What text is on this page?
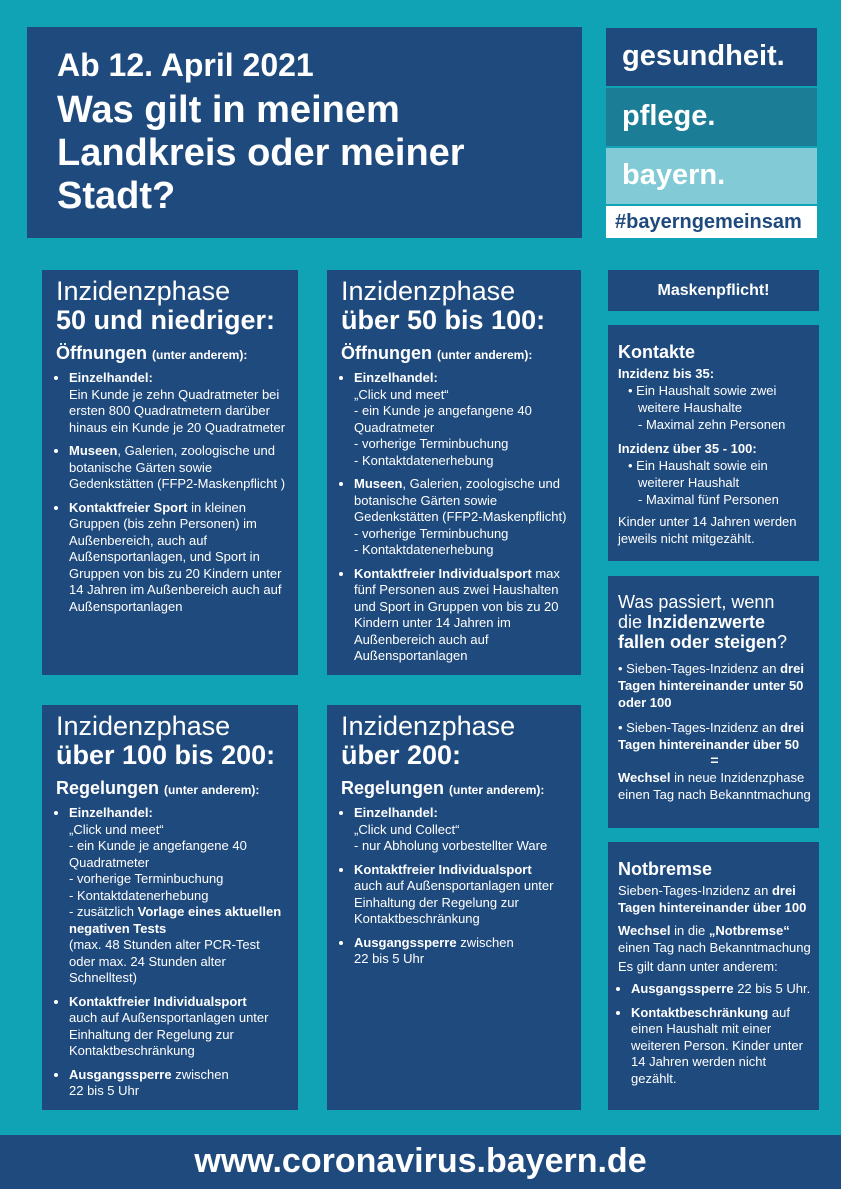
Ab 12. April 2021
Was gilt in meinem Landkreis oder meiner Stadt?
gesundheit.
pflege.
bayern.
#bayerngemeinsam
Inzidenzphase
50 und niedriger:
Öffnungen (unter anderem):
• Einzelhandel:
Ein Kunde je zehn Quadratmeter bei ersten 800 Quadratmetern darüber hinaus ein Kunde je 20 Quadratmeter
• Museen, Galerien, zoologische und botanische Gärten sowie Gedenkstätten (FFP2-Maskenpflicht )
• Kontaktfreier Sport in kleinen Gruppen (bis zehn Personen) im Außenbereich, auch auf Außensportanlagen, und Sport in Gruppen von bis zu 20 Kindern unter 14 Jahren im Außenbereich auch auf Außensportanlagen
Inzidenzphase
über 50 bis 100:
Öffnungen (unter anderem):
• Einzelhandel:
„Click und meet“
- ein Kunde je angefangene 40 Quadratmeter
- vorherige Terminbuchung
- Kontaktdatenerhebung
• Museen, Galerien, zoologische und botanische Gärten sowie Gedenkstätten (FFP2-Maskenpflicht)
- vorherige Terminbuchung
- Kontaktdatenerhebung
• Kontaktfreier Individualsport max fünf Personen aus zwei Haushalten und Sport in Gruppen von bis zu 20 Kindern unter 14 Jahren im Außenbereich auch auf Außensportanlagen
Inzidenzphase
über 100 bis 200:
Regelungen (unter anderem):
• Einzelhandel:
„Click und meet“
- ein Kunde je angefangene 40 Quadratmeter
- vorherige Terminbuchung
- Kontaktdatenerhebung
- zusätzlich Vorlage eines aktuellen negativen Tests
(max. 48 Stunden alter PCR-Test oder max. 24 Stunden alter Schnelltest)
• Kontaktfreier Individualsport
auch auf Außensportanlagen unter Einhaltung der Regelung zur Kontaktbeschränkung
• Ausgangssperre zwischen
22 bis 5 Uhr
Inzidenzphase
über 200:
Regelungen (unter anderem):
• Einzelhandel:
„Click und Collect“
- nur Abholung vorbestellter Ware
• Kontaktfreier Individualsport
auch auf Außensportanlagen unter Einhaltung der Regelung zur Kontaktbeschränkung
• Ausgangssperre zwischen
22 bis 5 Uhr
Maskenpflicht!
Kontakte
Inzidenz bis 35:
• Ein Haushalt sowie zwei weitere Haushalte
- Maximal zehn Personen
Inzidenz über 35 - 100:
• Ein Haushalt sowie ein weiterer Haushalt
- Maximal fünf Personen
Kinder unter 14 Jahren werden jeweils nicht mitgezählt.
Was passiert, wenn
die Inzidenzwerte
fallen oder steigen?
• Sieben-Tages-Inzidenz an drei Tagen hintereinander unter 50 oder 100
• Sieben-Tages-Inzidenz an drei Tagen hintereinander über 50
=
Wechsel in neue Inzidenzphase einen Tag nach Bekanntmachung
Notbremse
Sieben-Tages-Inzidenz an drei Tagen hintereinander über 100
Wechsel in die „Notbremse“ einen Tag nach Bekanntmachung
Es gilt dann unter anderem:
• Ausgangssperre 22 bis 5 Uhr.
• Kontaktbeschränkung auf einen Haushalt mit einer weiteren Person. Kinder unter 14 Jahren werden nicht gezählt.
www.coronavirus.bayern.de
